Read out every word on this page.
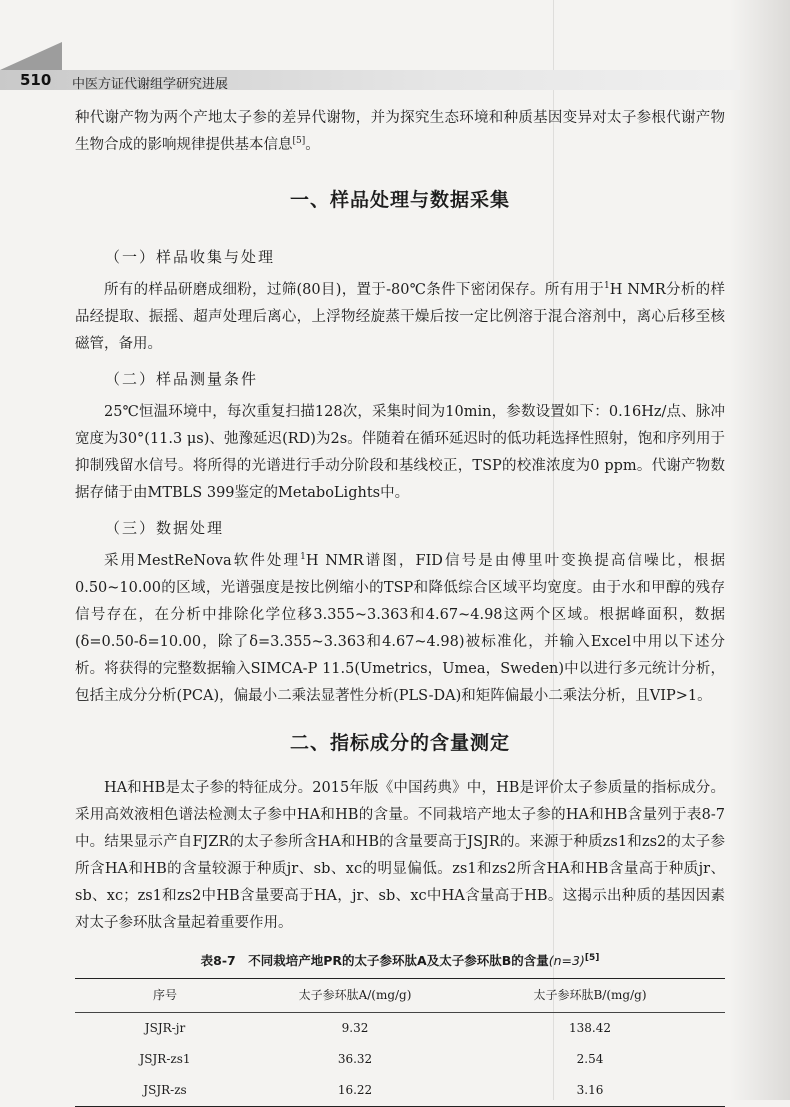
510 中医方证代谢组学研究进展

种代谢产物为两个产地太子参的差异代谢物，并为探究生态环境和种质基因变异对太子参根代谢产物生物合成的影响规律提供基本信息[5]。

一、样品处理与数据采集
（一）样品收集与处理

所有的样品研磨成细粉，过筛(80目)，置于-80℃条件下密闭保存。所有用于$^1$H NMR分析的样品经提取、振摇、超声处理后离心，上浮物经旋蒸干燥后按一定比例溶于混合溶剂中，离心后移至核磁管，备用。

（二）样品测量条件

25℃恒温环境中，每次重复扫描128次，采集时间为10min，参数设置如下：0.16Hz/点、脉冲宽度为30°(11.3 μs)、弛豫延迟(RD)为2s。伴随着在循环延迟时的低功耗选择性照射，饱和序列用于抑制残留水信号。将所得的光谱进行手动分阶段和基线校正，TSP的校准浓度为0 ppm。代谢产物数据存储于由MTBLS 399鉴定的MetaboLights中。

（三）数据处理

采用MestReNova软件处理$^1$H NMR谱图，FID信号是由傅里叶变换提高信噪比，根据0.50~10.00的区域，光谱强度是按比例缩小的TSP和降低综合区域平均宽度。由于水和甲醇的残存信号存在，在分析中排除化学位移3.355~3.363和4.67~4.98这两个区域。根据峰面积，数据(δ=0.50-δ=10.00，除了δ=3.355~3.363和4.67~4.98)被标准化，并输入Excel中用以下述分析。将获得的完整数据输入SIMCA-P 11.5(Umetrics，Umea，Sweden)中以进行多元统计分析，包括主成分分析(PCA)，偏最小二乘法显著性分析(PLS-DA)和矩阵偏最小二乘法分析，且VIP>1。

二、指标成分的含量测定

HA和HB是太子参的特征成分。2015年版《中国药典》中，HB是评价太子参质量的指标成分。采用高效液相色谱法检测太子参中HA和HB的含量。不同栽培产地太子参的HA和HB含量列于表8-7中。结果显示产自FJZR的太子参所含HA和HB的含量要高于JSJR的。来源于种质zs1和zs2的太子参所含HA和HB的含量较源于种质jr、sb、xc的明显偏低。zs1和zs2所含HA和HB含量高于种质jr、sb、xc；zs1和zs2中HB含量要高于HA，jr、sb、xc中HA含量高于HB。这揭示出种质的基因因素对太子参环肽含量起着重要作用。

表8-7　不同栽培产地PR的太子参环肽A及太子参环肽B的含量(n=3)[5]
序号	太子参环肽A/(mg/g)	太子参环肽B/(mg/g)
JSJR-jr	9.32	138.42
JSJR-zs1	36.32	2.54
JSJR-zs	16.22	3.16
